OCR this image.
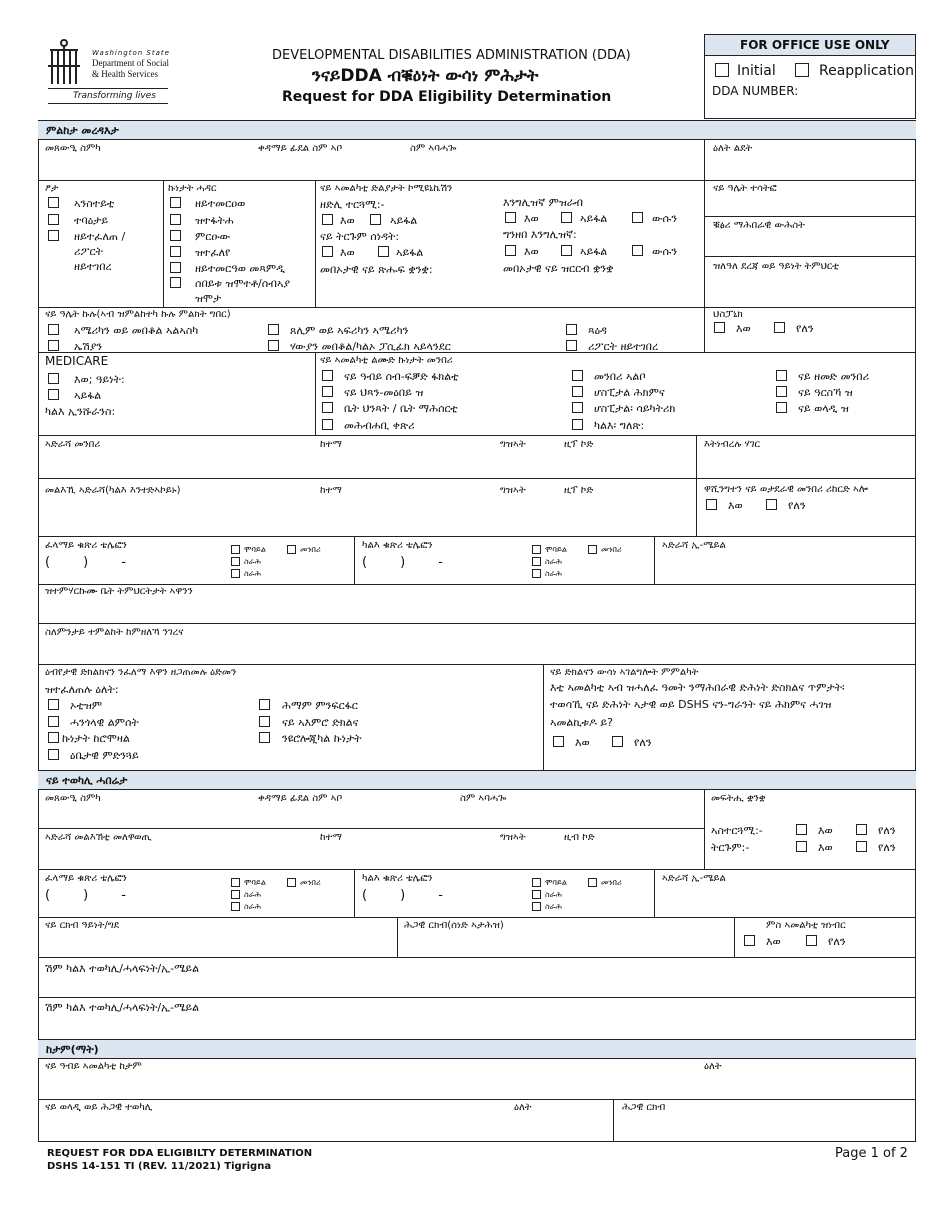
Washington State
Department of Social
& Health Services
Transforming lives
DEVELOPMENTAL DISABILITIES ADMINISTRATION (DDA)
ንናይDDA ብቑዕነት ውሳነ ምሕታት
Request for DDA Eligibility Determination
FOR OFFICE USE ONLY
Initial	Reapplication
DDA NUMBER:
ምልከታ መረዳእታ
መጸውዒ ስምካ	ቀዳማይ ፊደል ስም ኣቦ	ስም ኣባሓጐ	ዕለት ልደት
ፆታ
ኣንስተይቲ
ተባዕታይ
ዘይተፈለጠ /
ሪፖርት
ዘይተገበረ
ኩነታት ሓዳር
ዘይተመርዐወ
ዝተፋትሐ
ምርዑው
ዝተፈለየ
ዘይተመርዓወ መጻምዲ
ሰበይቱ ዝሞተቶ/ሰብኣያ
ዝሞታ
ናይ ኣመልካቲ ድልያታት ኮሚዩኒኬሽን
ዘድሊ ተርጓሚ:-
እወ	ኣይፋል
ናይ ትርጉም ሰነዳት:
እወ	ኣይፋል
መበኦታዊ ናይ ጽሑፍ ቋንቋ:
እንግሊዝኛ ምዝራብ
እወ	ኣይፋል	ውሱን
ግንዘበ እንግሊዝኛ:
እወ	ኣይፋል	ውሱን
መበኦታዊ ናይ ዝርርብ ቋንቋ
ናይ ዓሌት ተሳትፎ
ቑፅሪ ማሕበራዊ ውሕስት
ዝለዓለ ደረጃ ወይ ዓይነት ትምህርቲ
ናይ ዓሌት ኩሉ(ኣብ ዝምልከተካ ኩሉ ምልክት ግበር)
ኣሜሪካን ወይ መበቆል ኣልኣስካ
ኤሽያን
ጸሊም ወይ ኣፍሪካን ኣሜሪካን
ሃውያን መበቆል/ካልኦ ፓሲፊክ ኣይላንደር
ጻዕዳ
ሪፖርት ዘይተገበረ
ህስፓኒክ
እወ	የለን
MEDICARE
እወ; ዓይነት:
ኣይፋል
ካልእ ኢንሹራንስ:
ናይ ኣመልካቲ ልሙድ ኩነታት መንበሪ
ናይ ዓብይ ሰብ-ፍቓድ ፋክልቲ
ናይ ህጻን-መዕበይ ዝ
ቤት ህንጻት / ቤት ማሕሰርቲ
መሕብሐቢ ቀጽሪ
መንበሪ ኣልቦ
ሆስፒታል ሕክምና
ሆስፒታል፡ ሳይካትሪክ
ካልእ፡ ግለጽ:
ናይ ዘመድ መንበሪ
ናይ ዓርስኻ ዝ
ናይ ወላዲ ዝ
ኣድራሻ መንበሪ	ከተማ	ግዝኣት	ዚፕ ኮድ	እትነብረሉ ሃገር
መልእኺ ኣድራሻ(ካልእ እንተድኣኮይኑ)	ከተማ	ግዝኣት	ዚፕ ኮድ	ዋሺንግተን ናይ ወታደራዊ መንበሪ ሪከርድ ኣሎ
እወ	የለን
ፈላማይ ቁጽሪ ቴሌፎን
(        )        -
ሞባይል	መንበሪ
ስራሕ
ስራሕ
ካልእ ቁጽሪ ቴሌፎን
(        )        -
ሞባይል	መንበሪ
ስራሕ
ስራሕ
ኣድራሻ ኢ-ሜይል
ዝተምሃርኩሙ ቤት ትምህርትታት ኣዋንን
ስለምንታይ ተምልከት ከምዘለኻ ንገረና
ዕብየታዊ ድክልክናን ንፈለማ እዋን ዘጋጠመሉ ዕድመን
ዝተፈለጠሉ ዕለት:
ኦቲዝም
ሓንጎላዊ ልምሰት
ኩነታት ከሮሞዛል
ዕቤታዊ ምድንጓይ
ሕማም ምንፍርፋር
ናይ ኣእምሮ ድክልና
ንዩሮሎጂካል ኩነታት
ናይ ድክልናን ውሳነ ኣገልግሎት ምምልካት
እቲ ኣመልካቲ ኣብ ዝሓለፈ ዓመት ንማሕበራዊ ድሕነት ድስክልና ጥምታት፡
ተወሳኺ ናይ ድሕነት ኣታዊ ወይ DSHS ናን-ግራንት ናይ ሕክምና ሓገዝ
ኣመልኪቱዶ ይ?
እወ	የለን
ናይ ተወካሊ ሓበሬታ
መጸውዒ ስምካ	ቀዳማይ ፊደል ስም ኣቦ	ስም ኣባሓጐ	መፍትሒ ቋንቋ
ኣድራሻ መልእኽቲ መለዋወጢ	ከተማ	ግዝኣት	ዚብ ኮድ
ኣስተርጓሚ:-	እወ	የለን
ትርጉም:-	እወ	የለን
ፈላማይ ቁጽሪ ቴሌፎን
(        )        -
ሞባይል	መንበሪ
ስራሕ
ስራሕ
ካልእ ቁጽሪ ቴሌፎን
(        )        -
ሞባይል	መንበሪ
ስራሕ
ስራሕ
ኣድራሻ ኢ-ሜይል
ናይ ርክብ ዓይነት/ግደ	ሕጋዊ ርክብ(ሰነድ ኣታሕዝ)	ምስ ኣመልካቲ ዝነብር
እወ	የለን
ሽም ካልእ ተወካሊ/ሓላፍነት/ኢ-ሜይል
ሽም ካልእ ተወካሊ/ሓላፍነት/ኢ-ሜይል
ከታም(ማት)
ናይ ዓብይ ኣመልካቲ ከታም	ዕለት
ናይ ወላዲ ወይ ሕጋዊ ተወካሊ	ዕለት	ሕጋዊ ርክብ
REQUEST FOR DDA ELIGIBILTY DETERMINATION
DSHS 14-151 TI (REV. 11/2021) Tigrigna
Page 1 of 2
